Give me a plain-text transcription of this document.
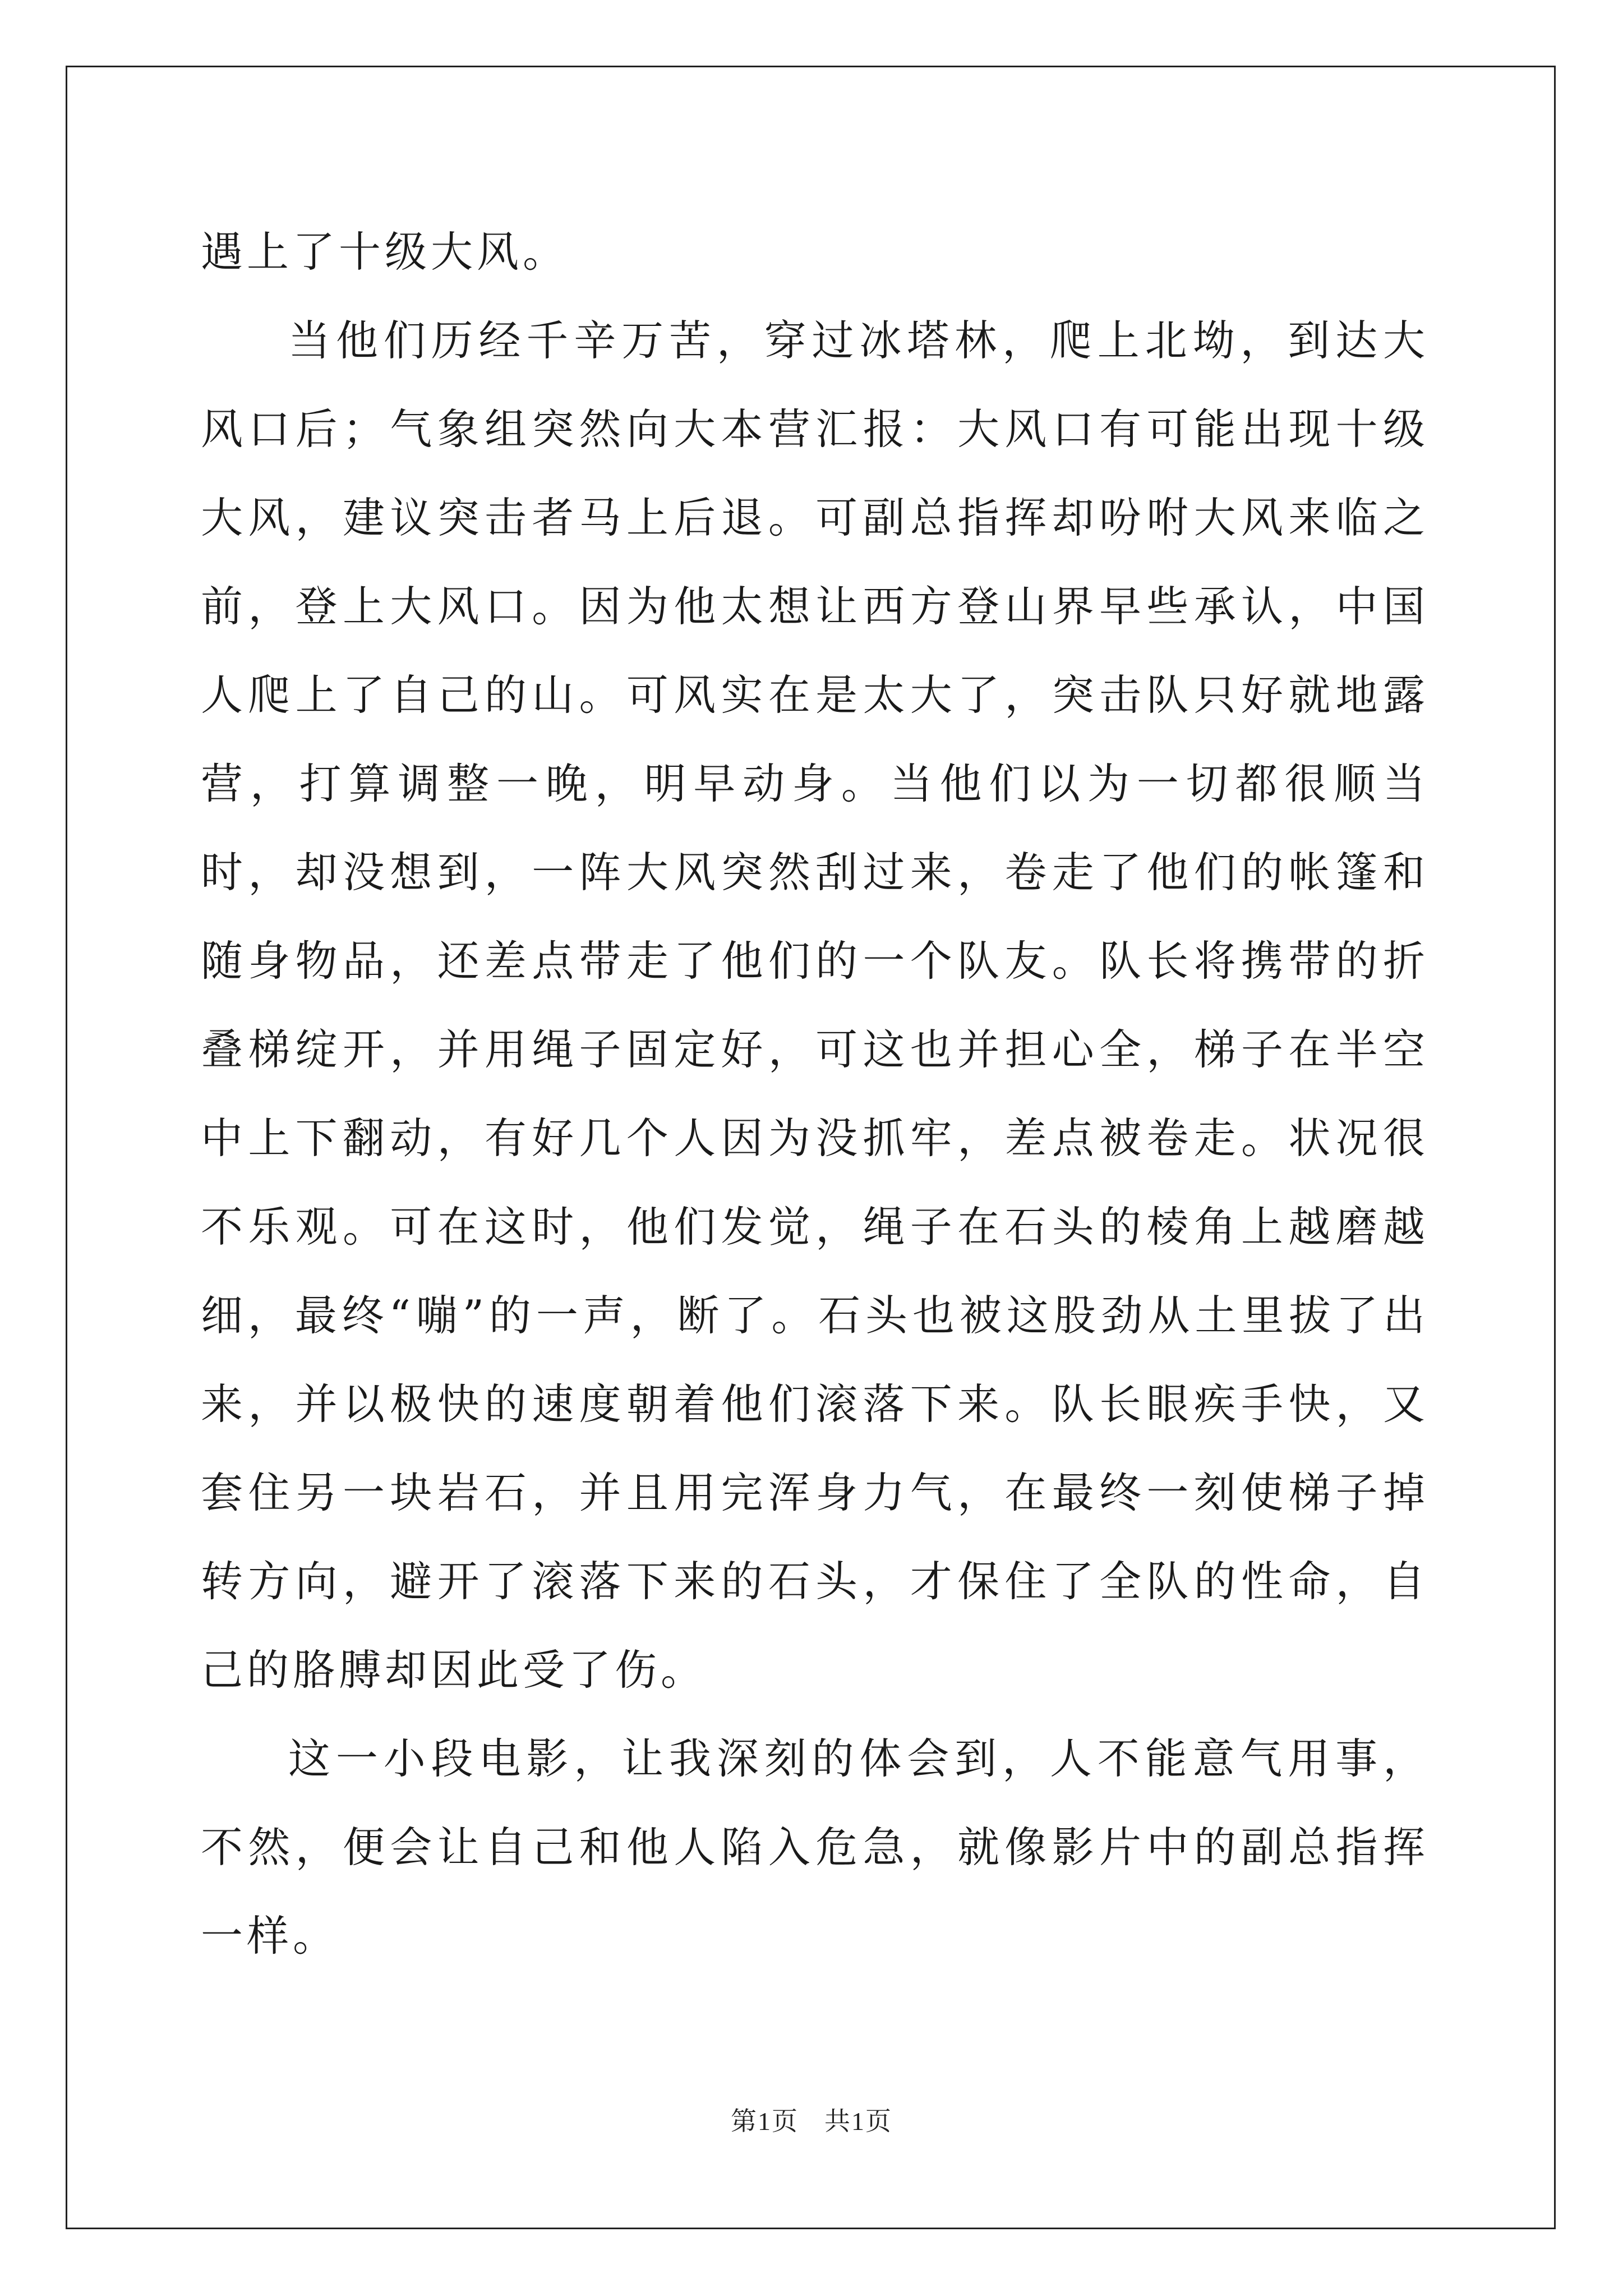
遇上了十级大风。

当他们历经千辛万苦，穿过冰塔林，爬上北坳，到达大风口后；气象组突然向大本营汇报：大风口有可能出现十级大风，建议突击者马上后退。可副总指挥却吩咐大风来临之前，登上大风口。因为他太想让西方登山界早些承认，中国人爬上了自己的山。可风实在是太大了，突击队只好就地露营，打算调整一晚，明早动身。当他们以为一切都很顺当时，却没想到，一阵大风突然刮过来，卷走了他们的帐篷和随身物品，还差点带走了他们的一个队友。队长将携带的折叠梯绽开，并用绳子固定好，可这也并担心全，梯子在半空中上下翻动，有好几个人因为没抓牢，差点被卷走。状况很不乐观。可在这时，他们发觉，绳子在石头的棱角上越磨越细，最终“嘣”的一声，断了。石头也被这股劲从土里拔了出来，并以极快的速度朝着他们滚落下来。队长眼疾手快，又套住另一块岩石，并且用完浑身力气，在最终一刻使梯子掉转方向，避开了滚落下来的石头，才保住了全队的性命，自己的胳膊却因此受了伤。

这一小段电影，让我深刻的体会到，人不能意气用事，不然，便会让自己和他人陷入危急，就像影片中的副总指挥一样。

第1页 共1页
